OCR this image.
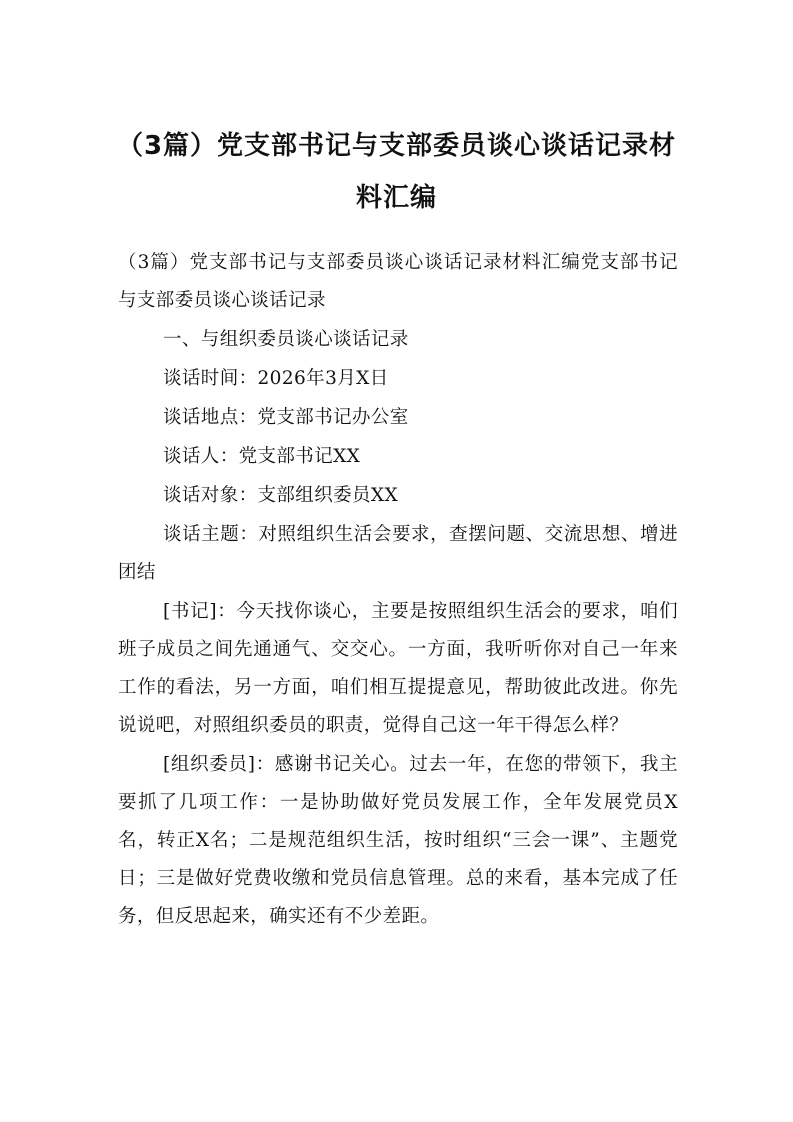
（3篇）党支部书记与支部委员谈心谈话记录材料汇编

（3篇）党支部书记与支部委员谈心谈话记录材料汇编党支部书记与支部委员谈心谈话记录

一、与组织委员谈心谈话记录

谈话时间：2026年3月X日

谈话地点：党支部书记办公室

谈话人：党支部书记XX

谈话对象：支部组织委员XX

谈话主题：对照组织生活会要求，查摆问题、交流思想、增进团结

[书记]：今天找你谈心，主要是按照组织生活会的要求，咱们班子成员之间先通通气、交交心。一方面，我听听你对自己一年来工作的看法，另一方面，咱们相互提提意见，帮助彼此改进。你先说说吧，对照组织委员的职责，觉得自己这一年干得怎么样？

[组织委员]：感谢书记关心。过去一年，在您的带领下，我主要抓了几项工作：一是协助做好党员发展工作，全年发展党员X名，转正X名；二是规范组织生活，按时组织“三会一课”、主题党日；三是做好党费收缴和党员信息管理。总的来看，基本完成了任务，但反思起来，确实还有不少差距。
